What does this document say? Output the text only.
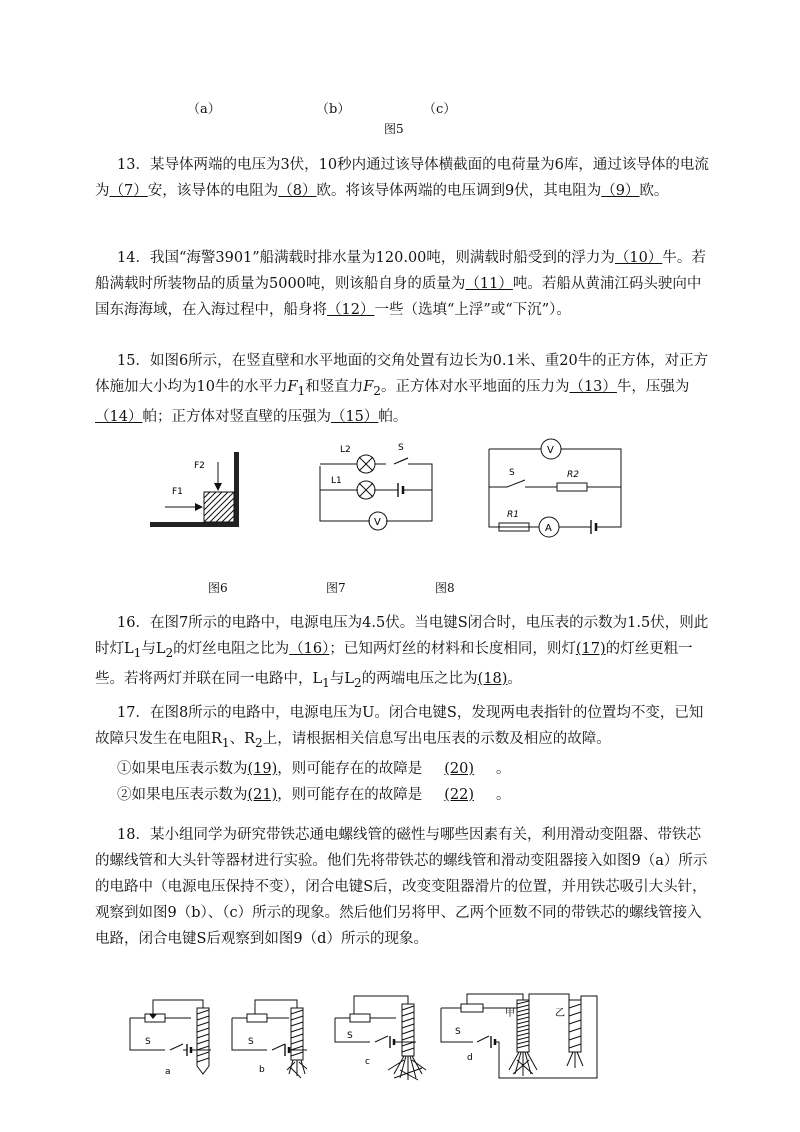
（a）	（b）	（c）
图5

13．某导体两端的电压为3伏，10秒内通过该导体横截面的电荷量为6库，通过该导体的电流为（7）安，该导体的电阻为（8）欧。将该导体两端的电压调到9伏，其电阻为（9）欧。

14．我国“海警3901”船满载时排水量为120.00吨，则满载时船受到的浮力为（10）牛。若船满载时所装物品的质量为5000吨，则该船自身的质量为（11）吨。若船从黄浦江码头驶向中国东海海域，在入海过程中，船身将（12）一些（选填“上浮”或“下沉”）。

15．如图6所示，在竖直壁和水平地面的交角处置有边长为0.1米、重20牛的正方体，对正方体施加大小均为10牛的水平力$F_1$和竖直力$F_2$。正方体对水平地面的压力为（13）牛，压强为（14）帕；正方体对竖直壁的压强为（15）帕。

F2
F1
L2	S
L1
V
V
S	R2
R1
A
图6	图7	图8

16．在图7所示的电路中，电源电压为4.5伏。当电键S闭合时，电压表的示数为1.5伏，则此时灯$L_1$与$L_2$的灯丝电阻之比为（16）；已知两灯丝的材料和长度相同，则灯(17)的灯丝更粗一些。若将两灯并联在同一电路中，$L_1$与$L_2$的两端电压之比为(18)。

17．在图8所示的电路中，电源电压为U。闭合电键S，发现两电表指针的位置均不变，已知故障只发生在电阻$R_1$、$R_2$上，请根据相关信息写出电压表的示数及相应的故障。

①如果电压表示数为(19)，则可能存在的故障是 (20) 。

②如果电压表示数为(21)，则可能存在的故障是 (22) 。

18．某小组同学为研究带铁芯通电螺线管的磁性与哪些因素有关，利用滑动变阻器、带铁芯的螺线管和大头针等器材进行实验。他们先将带铁芯的螺线管和滑动变阻器接入如图9（a）所示的电路中（电源电压保持不变），闭合电键S后，改变变阻器滑片的位置，并用铁芯吸引大头针，观察到如图9（b）、（c）所示的现象。然后他们另将甲、乙两个匝数不同的带铁芯的螺线管接入电路，闭合电键S后观察到如图9（d）所示的现象。

S
a
S
b
S
c
S
d
甲	乙
